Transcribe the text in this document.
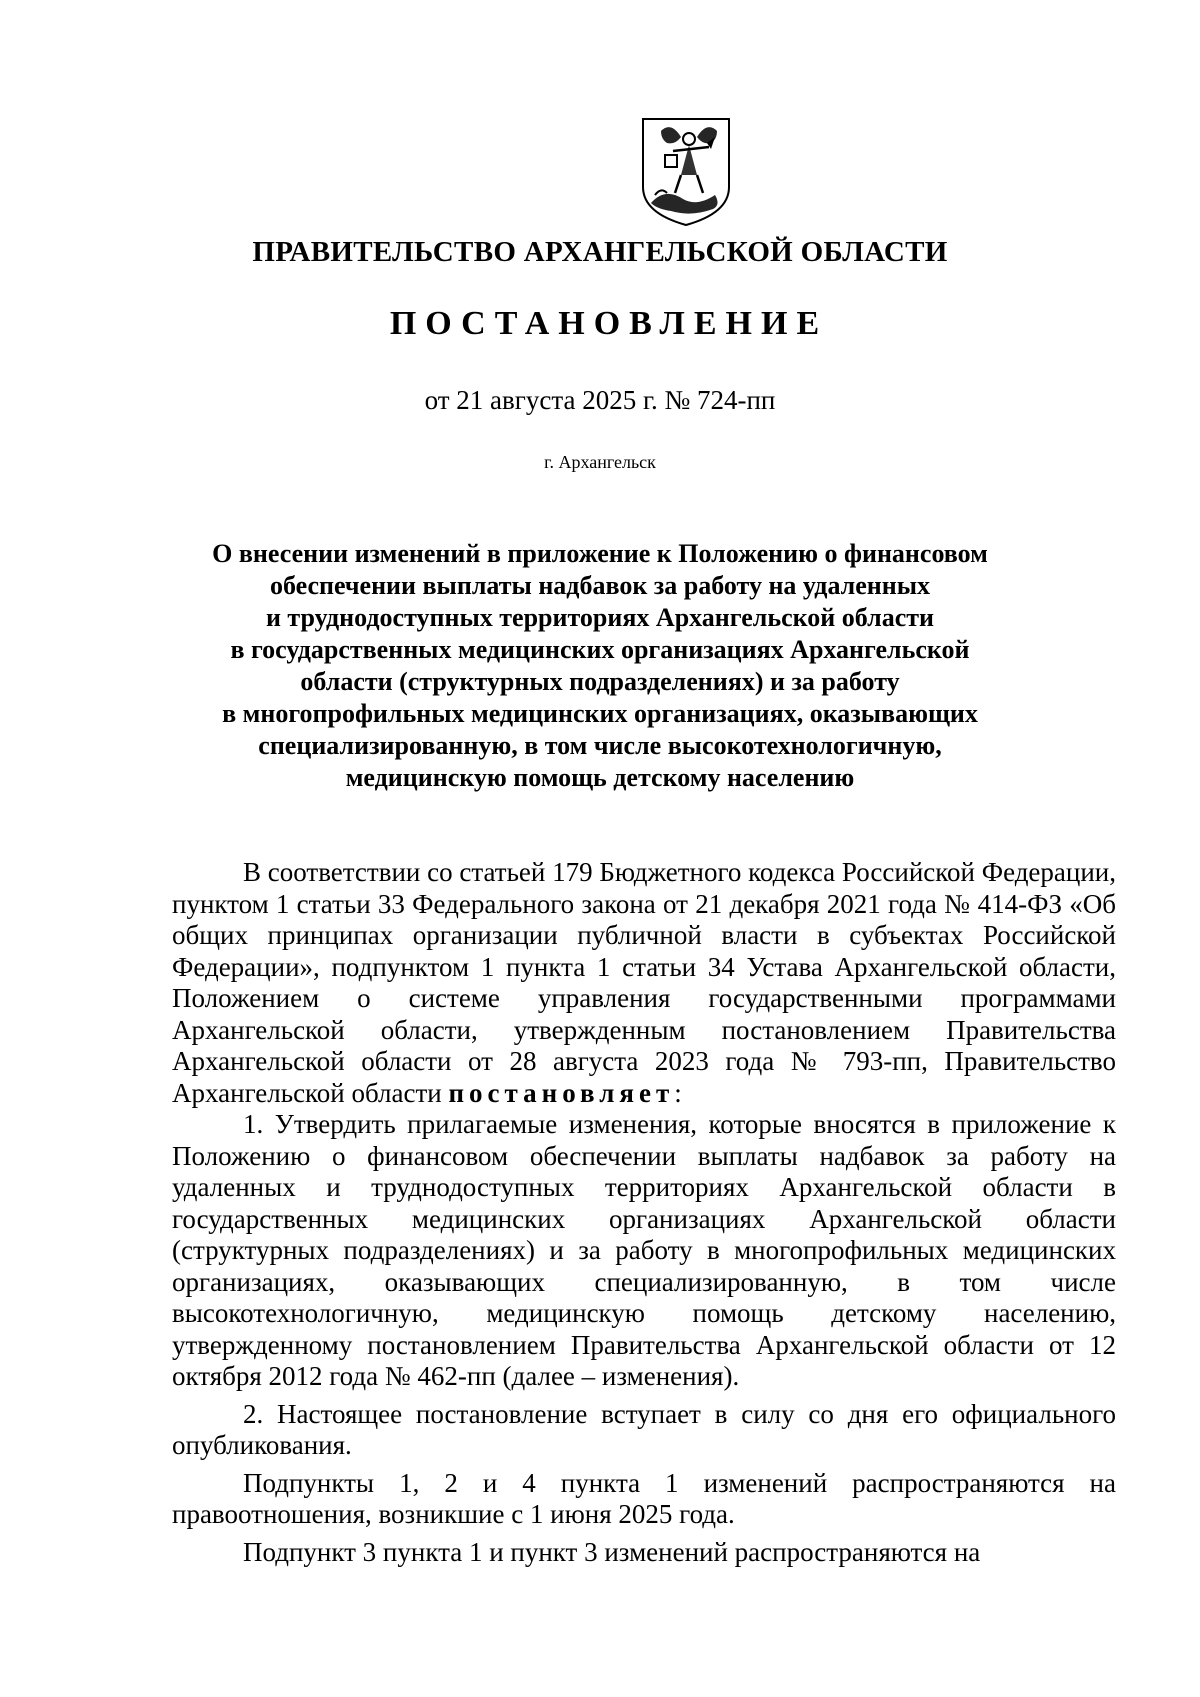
ПРАВИТЕЛЬСТВО АРХАНГЕЛЬСКОЙ ОБЛАСТИ
ПОСТАНОВЛЕНИЕ
от 21 августа 2025 г. № 724-пп
г. Архангельск
О внесении изменений в приложение к Положению о финансовом
обеспечении выплаты надбавок за работу на удаленных
и труднодоступных территориях Архангельской области
в государственных медицинских организациях Архангельской
области (структурных подразделениях) и за работу
в многопрофильных медицинских организациях, оказывающих
специализированную, в том числе высокотехнологичную,
медицинскую помощь детскому населению

В соответствии со статьей 179 Бюджетного кодекса Российской Федерации, пунктом 1 статьи 33 Федерального закона от 21 декабря 2021 года № 414-ФЗ «Об общих принципах организации публичной власти в субъектах Российской Федерации», подпунктом 1 пункта 1 статьи 34 Устава Архангельской области, Положением о системе управления государственными программами Архангельской области, утвержденным постановлением Правительства Архангельской области от 28 августа 2023 года № 793-пп, Правительство Архангельской области постановляет:

1. Утвердить прилагаемые изменения, которые вносятся в приложение к Положению о финансовом обеспечении выплаты надбавок за работу на удаленных и труднодоступных территориях Архангельской области в государственных медицинских организациях Архангельской области (структурных подразделениях) и за работу в многопрофильных медицинских организациях, оказывающих специализированную, в том числе высокотехнологичную, медицинскую помощь детскому населению, утвержденному постановлением Правительства Архангельской области от 12 октября 2012 года № 462-пп (далее – изменения).

2. Настоящее постановление вступает в силу со дня его официального опубликования.

Подпункты 1, 2 и 4 пункта 1 изменений распространяются на правоотношения, возникшие с 1 июня 2025 года.

Подпункт 3 пункта 1 и пункт 3 изменений распространяются на
